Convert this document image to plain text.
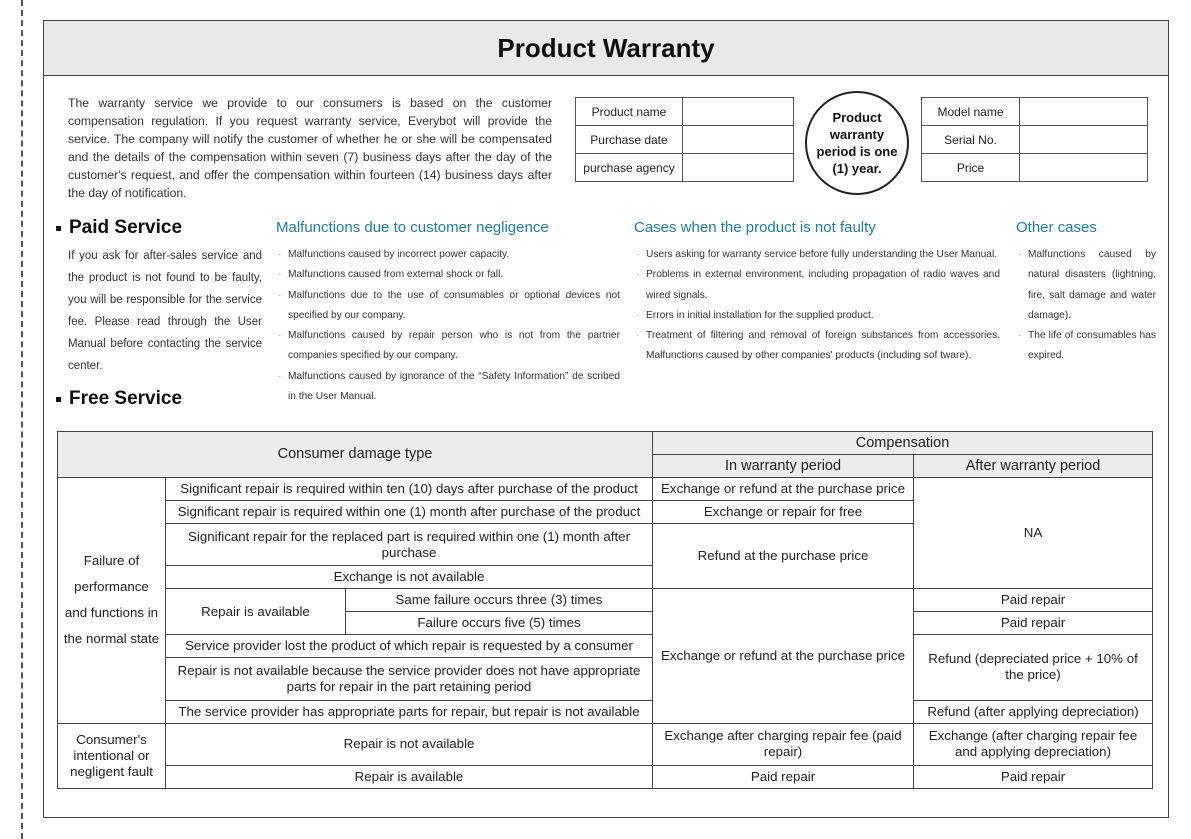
Product Warranty
The warranty service we provide to our consumers is based on the customer compensation regulation. If you request warranty service, Everybot will provide the service. The company will notify the customer of whether he or she will be compensated and the details of the compensation within seven (7) business days after the day of the customer's request, and offer the compensation within fourteen (14) business days after the day of notification.
Product name	
Purchase date	
purchase agency	
Product warranty period is one (1) year.
Model name	
Serial No.	
Price	
Paid Service
If you ask for after-sales service and the product is not found to be faulty, you will be responsible for the service fee. Please read through the User Manual before contacting the service center.
Malfunctions due to customer negligence
· Malfunctions caused by incorrect power capacity.
· Malfunctions caused from external shock or fall.
· Malfunctions due to the use of consumables or optional devices not specified by our company.
· Malfunctions caused by repair person who is not from the partner companies specified by our company.
· Malfunctions caused by ignorance of the “Safety Information” de scribed in the User Manual.
Cases when the product is not faulty
· Users asking for warranty service before fully understanding the User Manual.
· Problems in external environment, including propagation of radio waves and wired signals.
· Errors in initial installation for the supplied product.
· Treatment of filtering and removal of foreign substances from accessories. Malfunctions caused by other companies' products (including sof tware).
Other cases
· Malfunctions caused by natural disasters (lightning, fire, salt damage and water damage).
· The life of consumables has expired.
Free Service
Consumer damage type			Compensation	
			In warranty period	After warranty period
Failure of performance and functions in the normal state	Significant repair is required within ten (10) days after purchase of the product		Exchange or refund at the purchase price	NA
	Significant repair is required within one (1) month after purchase of the product		Exchange or repair for free	
	Significant repair for the replaced part is required within one (1) month after purchase		Refund at the purchase price	
	Exchange is not available			
	Repair is available	Same failure occurs three (3) times	Exchange or refund at the purchase price	Paid repair
		Failure occurs five (5) times		Paid repair
	Service provider lost the product of which repair is requested by a consumer			Refund (depreciated price + 10% of the price)
	Repair is not available because the service provider does not have appropriate parts for repair in the part retaining period			
	The service provider has appropriate parts for repair, but repair is not available			Refund (after applying depreciation)
Consumer's intentional or negligent fault	Repair is not available		Exchange after charging repair fee (paid repair)	Exchange (after charging repair fee and applying depreciation)
	Repair is available		Paid repair	Paid repair
